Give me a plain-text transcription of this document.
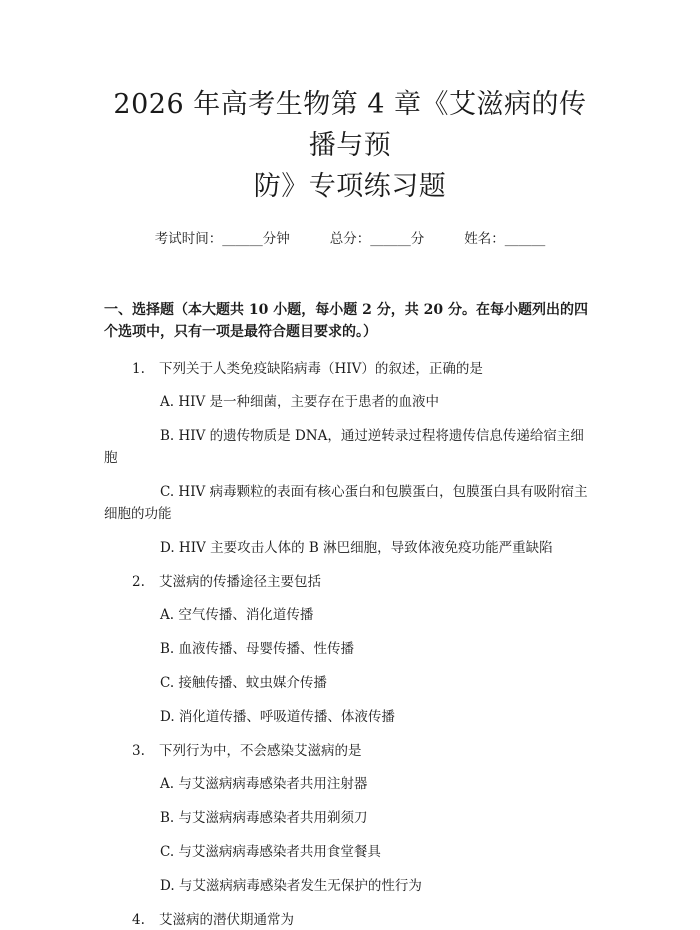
2026 年高考生物第 4 章《艾滋病的传播与预
防》专项练习题
考试时间：______分钟	总分：______分	姓名：______
一、选择题（本大题共 10 小题，每小题 2 分，共 20 分。在每小题列出的四个选项中，只有一项是最符合题目要求的。）
1.	下列关于人类免疫缺陷病毒（HIV）的叙述，正确的是
A. HIV 是一种细菌，主要存在于患者的血液中
B. HIV 的遗传物质是 DNA，通过逆转录过程将遗传信息传递给宿主细胞
C. HIV 病毒颗粒的表面有核心蛋白和包膜蛋白，包膜蛋白具有吸附宿主细胞的功能
D. HIV 主要攻击人体的 B 淋巴细胞，导致体液免疫功能严重缺陷
2.	艾滋病的传播途径主要包括
A. 空气传播、消化道传播
B. 血液传播、母婴传播、性传播
C. 接触传播、蚊虫媒介传播
D. 消化道传播、呼吸道传播、体液传播
3.	下列行为中，不会感染艾滋病的是
A. 与艾滋病病毒感染者共用注射器
B. 与艾滋病病毒感染者共用剃须刀
C. 与艾滋病病毒感染者共用食堂餐具
D. 与艾滋病病毒感染者发生无保护的性行为
4.	艾滋病的潜伏期通常为
